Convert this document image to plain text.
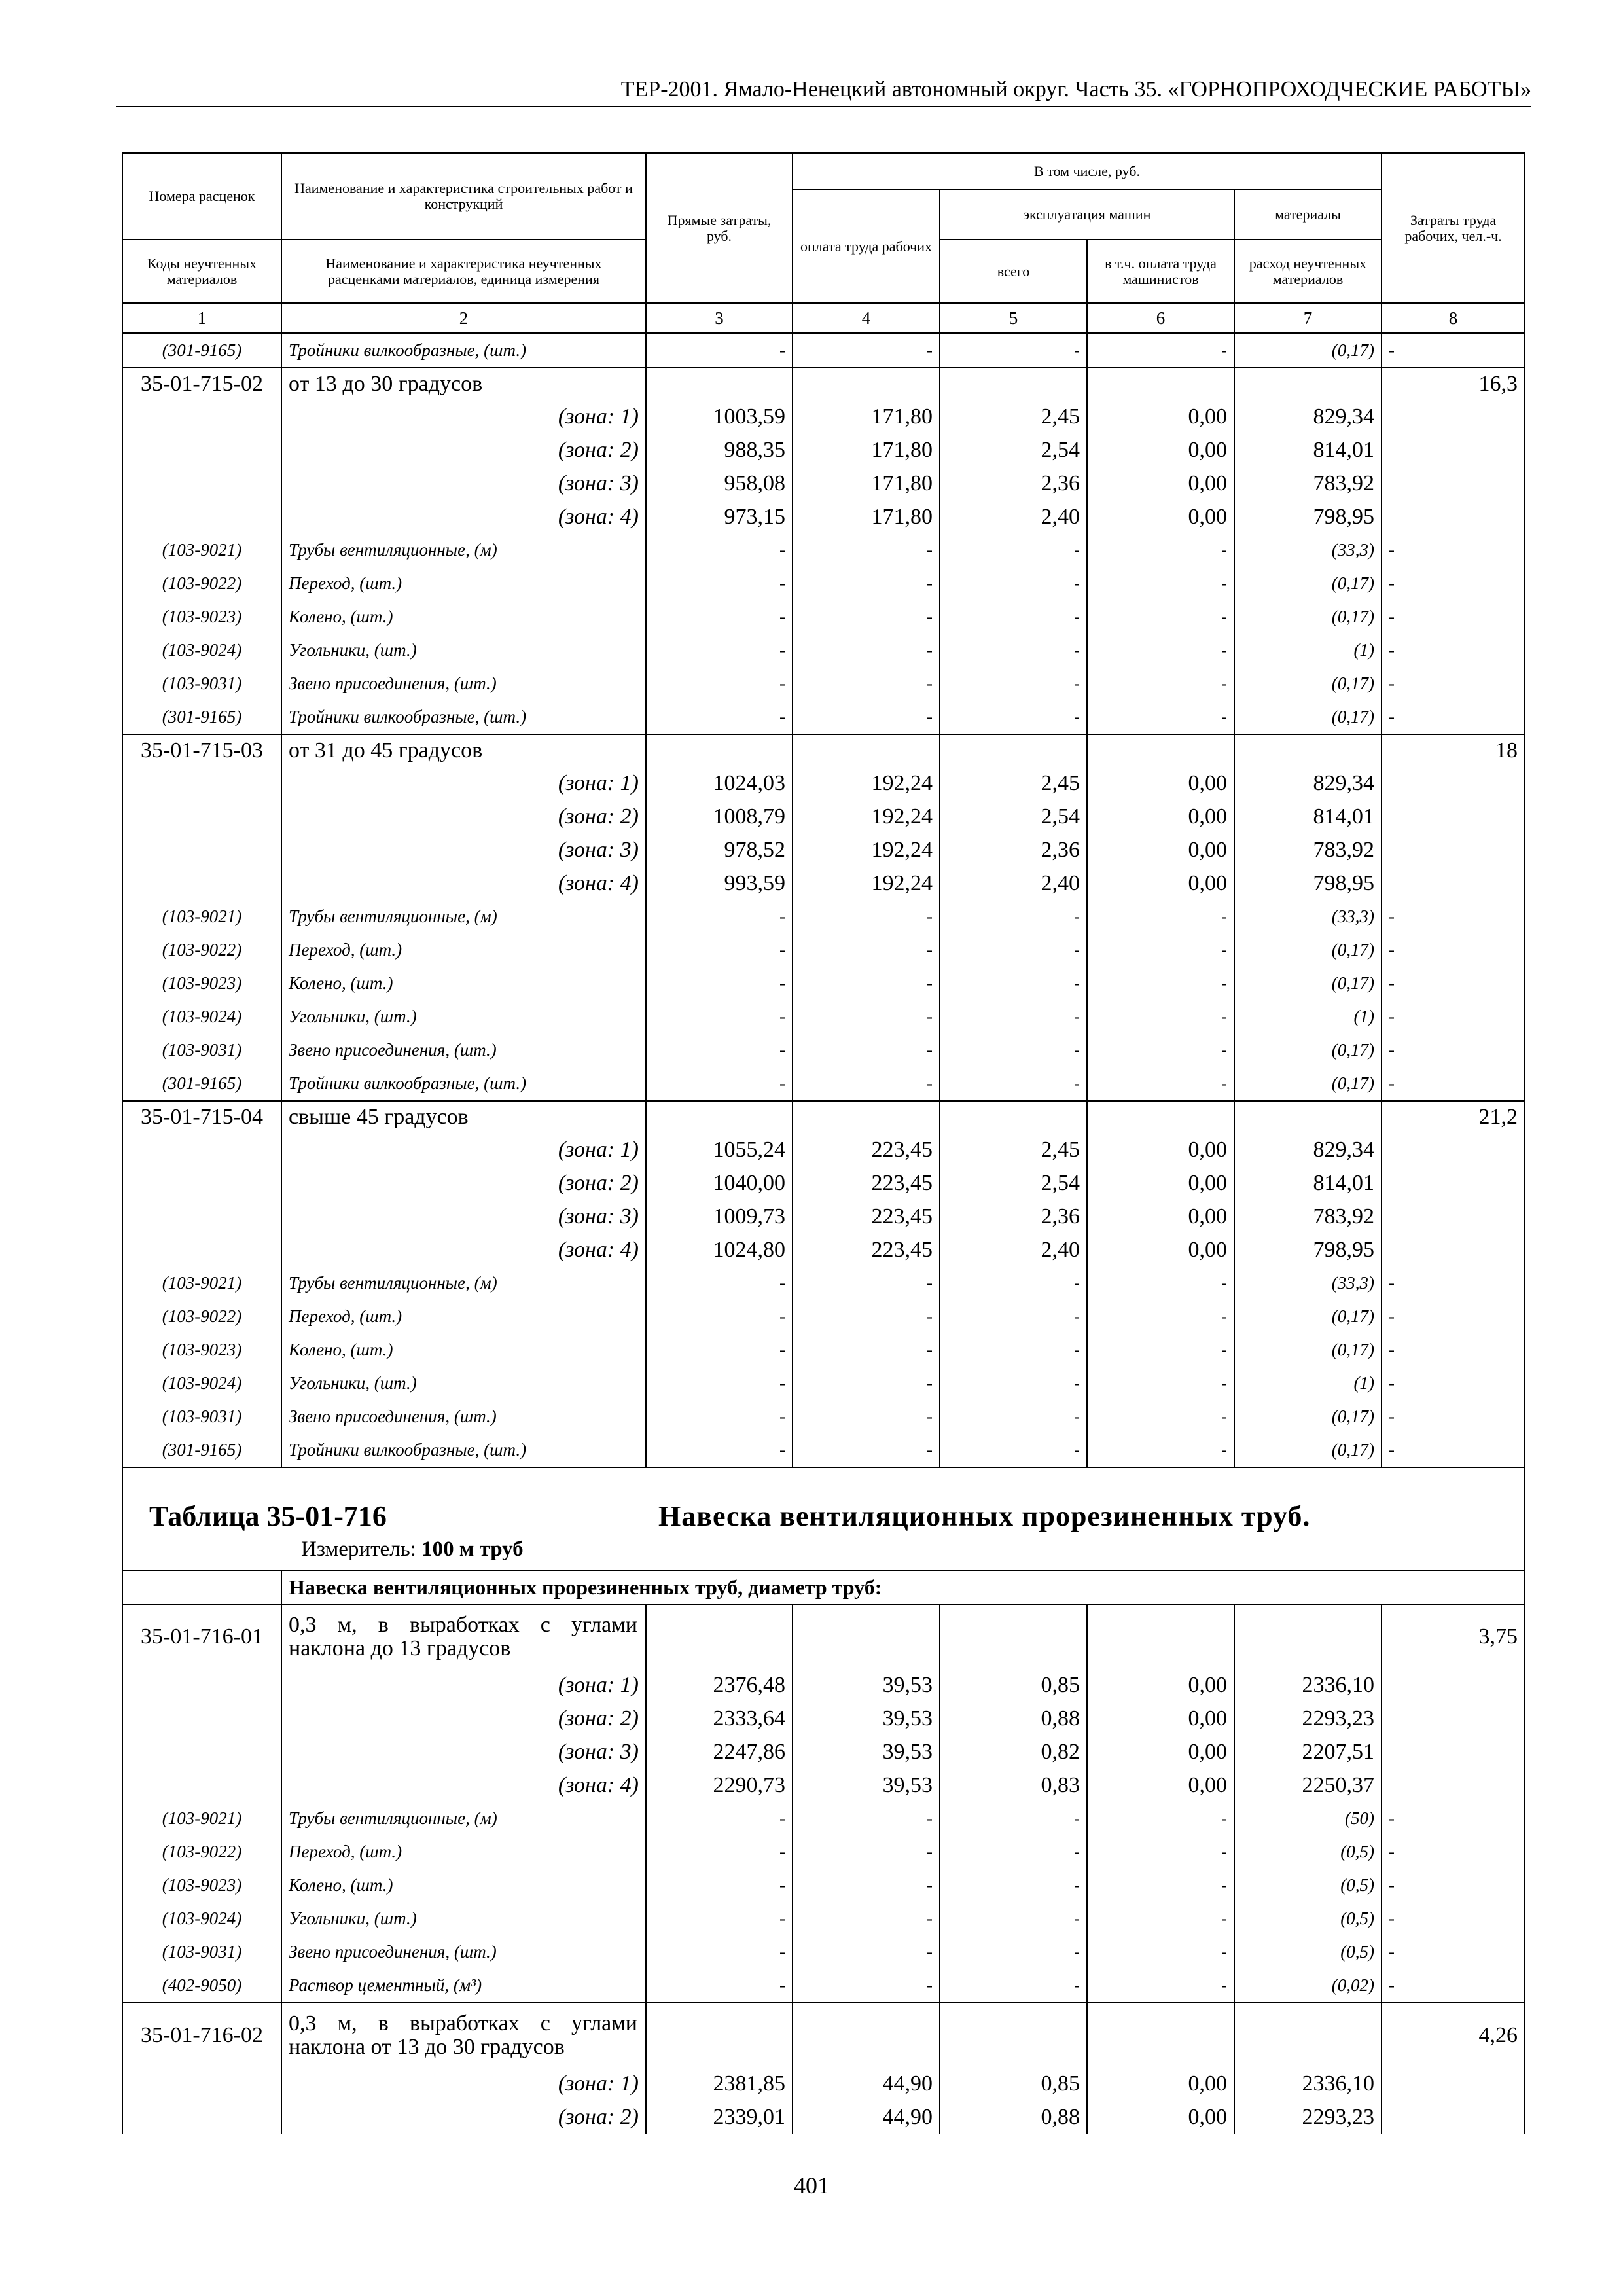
ТЕР-2001. Ямало-Ненецкий автономный округ. Часть 35. «ГОРНОПРОХОДЧЕСКИЕ РАБОТЫ»
Номера расценок	Наименование и характеристика строительных работ и конструкций	Прямые затраты, руб.	В том числе, руб.				Затраты труда рабочих, чел.-ч.
			оплата труда рабочих	эксплуатация машин		материалы	
Коды неучтенных материалов	Наименование и характеристика неучтенных расценками материалов, единица измерения			всего	в т.ч. оплата труда машинистов	расход неучтенных материалов	
1	2	3	4	5	6	7	8
(301-9165)	Тройники вилкообразные, (шт.)	-	-	-	-	(0,17)	-
35-01-715-02	от 13 до 30 градусов						16,3
	(зона: 1)	1003,59	171,80	2,45	0,00	829,34	
	(зона: 2)	988,35	171,80	2,54	0,00	814,01	
	(зона: 3)	958,08	171,80	2,36	0,00	783,92	
	(зона: 4)	973,15	171,80	2,40	0,00	798,95	
(103-9021)	Трубы вентиляционные, (м)	-	-	-	-	(33,3)	-
(103-9022)	Переход, (шт.)	-	-	-	-	(0,17)	-
(103-9023)	Колено, (шт.)	-	-	-	-	(0,17)	-
(103-9024)	Угольники, (шт.)	-	-	-	-	(1)	-
(103-9031)	Звено присоединения, (шт.)	-	-	-	-	(0,17)	-
(301-9165)	Тройники вилкообразные, (шт.)	-	-	-	-	(0,17)	-
35-01-715-03	от 31 до 45 градусов						18
	(зона: 1)	1024,03	192,24	2,45	0,00	829,34	
	(зона: 2)	1008,79	192,24	2,54	0,00	814,01	
	(зона: 3)	978,52	192,24	2,36	0,00	783,92	
	(зона: 4)	993,59	192,24	2,40	0,00	798,95	
(103-9021)	Трубы вентиляционные, (м)	-	-	-	-	(33,3)	-
(103-9022)	Переход, (шт.)	-	-	-	-	(0,17)	-
(103-9023)	Колено, (шт.)	-	-	-	-	(0,17)	-
(103-9024)	Угольники, (шт.)	-	-	-	-	(1)	-
(103-9031)	Звено присоединения, (шт.)	-	-	-	-	(0,17)	-
(301-9165)	Тройники вилкообразные, (шт.)	-	-	-	-	(0,17)	-
35-01-715-04	свыше 45 градусов						21,2
	(зона: 1)	1055,24	223,45	2,45	0,00	829,34	
	(зона: 2)	1040,00	223,45	2,54	0,00	814,01	
	(зона: 3)	1009,73	223,45	2,36	0,00	783,92	
	(зона: 4)	1024,80	223,45	2,40	0,00	798,95	
(103-9021)	Трубы вентиляционные, (м)	-	-	-	-	(33,3)	-
(103-9022)	Переход, (шт.)	-	-	-	-	(0,17)	-
(103-9023)	Колено, (шт.)	-	-	-	-	(0,17)	-
(103-9024)	Угольники, (шт.)	-	-	-	-	(1)	-
(103-9031)	Звено присоединения, (шт.)	-	-	-	-	(0,17)	-
(301-9165)	Тройники вилкообразные, (шт.)	-	-	-	-	(0,17)	-

Таблица 35-01-716 Навеска вентиляционных прорезиненных труб.
Измеритель: 100 м труб							

	Навеска вентиляционных прорезиненных труб, диаметр труб:						
35-01-716-01	0,3 м, в выработках с углами наклона до 13 градусов						3,75
	(зона: 1)	2376,48	39,53	0,85	0,00	2336,10	
	(зона: 2)	2333,64	39,53	0,88	0,00	2293,23	
	(зона: 3)	2247,86	39,53	0,82	0,00	2207,51	
	(зона: 4)	2290,73	39,53	0,83	0,00	2250,37	
(103-9021)	Трубы вентиляционные, (м)	-	-	-	-	(50)	-
(103-9022)	Переход, (шт.)	-	-	-	-	(0,5)	-
(103-9023)	Колено, (шт.)	-	-	-	-	(0,5)	-
(103-9024)	Угольники, (шт.)	-	-	-	-	(0,5)	-
(103-9031)	Звено присоединения, (шт.)	-	-	-	-	(0,5)	-
(402-9050)	Раствор цементный, (м³)	-	-	-	-	(0,02)	-
35-01-716-02	0,3 м, в выработках с углами наклона от 13 до 30 градусов						4,26
	(зона: 1)	2381,85	44,90	0,85	0,00	2336,10	
	(зона: 2)	2339,01	44,90	0,88	0,00	2293,23	
401
